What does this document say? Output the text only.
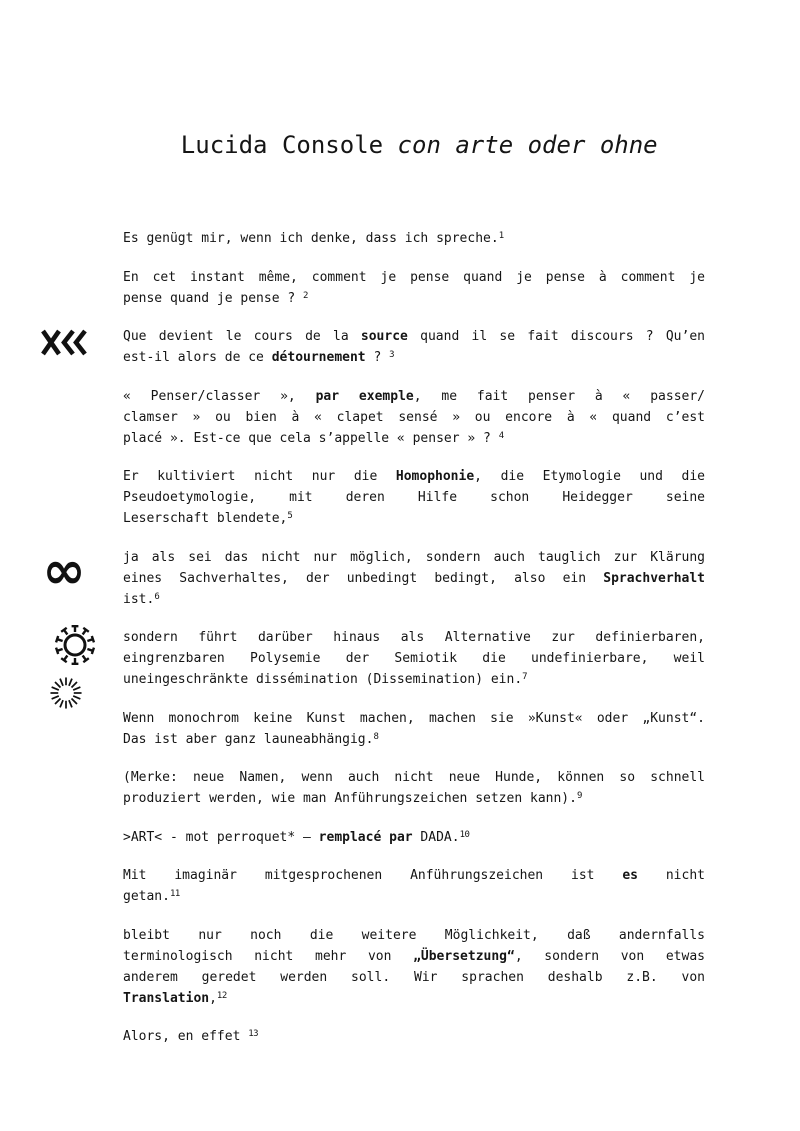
Lucida Console con arte oder ohne

∞
Es genügt mir, wenn ich denke, dass ich spreche.$^1$
En cet instant même, comment je pense quand je pense à comment je
pense quand je pense ? $^2$
Que devient le cours de la source quand il se fait discours ? Qu’en
est-il alors de ce détournement ? $^3$
« Penser/classer », par exemple, me fait penser à « passer/
clamser » ou bien à « clapet sensé » ou encore à « quand c’est
placé ». Est-ce que cela s’appelle « penser » ? $^4$
Er kultiviert nicht nur die Homophonie, die Etymologie und die
Pseudoetymologie, mit deren Hilfe schon Heidegger seine
Leserschaft blendete,$^5$
ja als sei das nicht nur möglich, sondern auch tauglich zur Klärung
eines Sachverhaltes, der unbedingt bedingt, also ein Sprachverhalt
ist.$^6$
sondern führt darüber hinaus als Alternative zur definierbaren,
eingrenzbaren Polysemie der Semiotik die undefinierbare, weil
uneingeschränkte dissémination (Dissemination) ein.$^7$
Wenn monochrom keine Kunst machen, machen sie »Kunst« oder „Kunst“.
Das ist aber ganz launeabhängig.$^8$
(Merke: neue Namen, wenn auch nicht neue Hunde, können so schnell
produziert werden, wie man Anführungszeichen setzen kann).$^9$
>ART< - mot perroquet* – remplacé par DADA.$^{10}$
Mit imaginär mitgesprochenen Anführungszeichen ist es nicht
getan.$^{11}$
bleibt nur noch die weitere Möglichkeit, daß andernfalls
terminologisch nicht mehr von „Übersetzung“, sondern von etwas
anderem geredet werden soll. Wir sprachen deshalb z.B. von
Translation,$^{12}$
Alors, en effet $^{13}$
